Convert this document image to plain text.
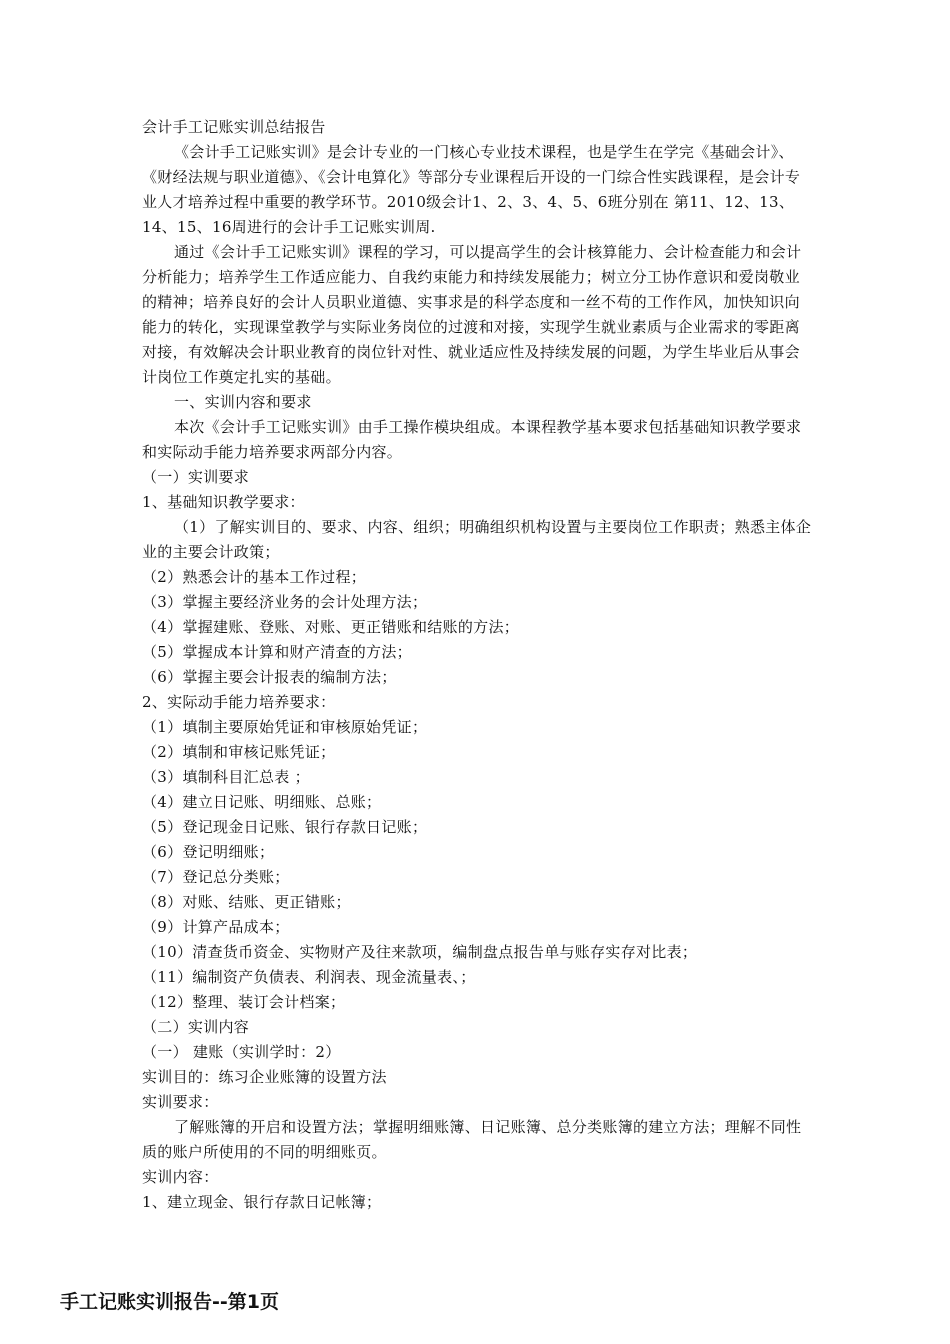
会计手工记账实训总结报告

《会计手工记账实训》是会计专业的一门核心专业技术课程，也是学生在学完《基础会计》、《财经法规与职业道德》、《会计电算化》等部分专业课程后开设的一门综合性实践课程，是会计专业人才培养过程中重要的教学环节。2010级会计1、2、3、4、5、6班分别在 第11、12、13、14、15、16周进行的会计手工记账实训周.

通过《会计手工记账实训》课程的学习，可以提高学生的会计核算能力、会计检查能力和会计分析能力；培养学生工作适应能力、自我约束能力和持续发展能力；树立分工协作意识和爱岗敬业的精神；培养良好的会计人员职业道德、实事求是的科学态度和一丝不苟的工作作风，加快知识向能力的转化，实现课堂教学与实际业务岗位的过渡和对接，实现学生就业素质与企业需求的零距离对接，有效解决会计职业教育的岗位针对性、就业适应性及持续发展的问题，为学生毕业后从事会计岗位工作奠定扎实的基础。

一、实训内容和要求

本次《会计手工记账实训》由手工操作模块组成。本课程教学基本要求包括基础知识教学要求和实际动手能力培养要求两部分内容。

（一）实训要求

1、基础知识教学要求：

（1）了解实训目的、要求、内容、组织；明确组织机构设置与主要岗位工作职责；熟悉主体企业的主要会计政策；

（2）熟悉会计的基本工作过程；

（3）掌握主要经济业务的会计处理方法；

（4）掌握建账、登账、对账、更正错账和结账的方法；

（5）掌握成本计算和财产清查的方法；

（6）掌握主要会计报表的编制方法；

2、实际动手能力培养要求：

（1）填制主要原始凭证和审核原始凭证；

（2）填制和审核记账凭证；

（3）填制科目汇总表 ；

（4）建立日记账、明细账、总账；

（5）登记现金日记账、银行存款日记账；

（6）登记明细账；

（7）登记总分类账；

（8）对账、结账、更正错账；

（9）计算产品成本；

（10）清查货币资金、实物财产及往来款项，编制盘点报告单与账存实存对比表；

（11）编制资产负债表、利润表、现金流量表、；

（12）整理、装订会计档案；

（二）实训内容

（一） 建账（实训学时：2）

实训目的：练习企业账簿的设置方法

实训要求：

了解账簿的开启和设置方法；掌握明细账簿、日记账簿、总分类账簿的建立方法；理解不同性质的账户所使用的不同的明细账页。

实训内容：

1、建立现金、银行存款日记帐簿；

手工记账实训报告--第1页
